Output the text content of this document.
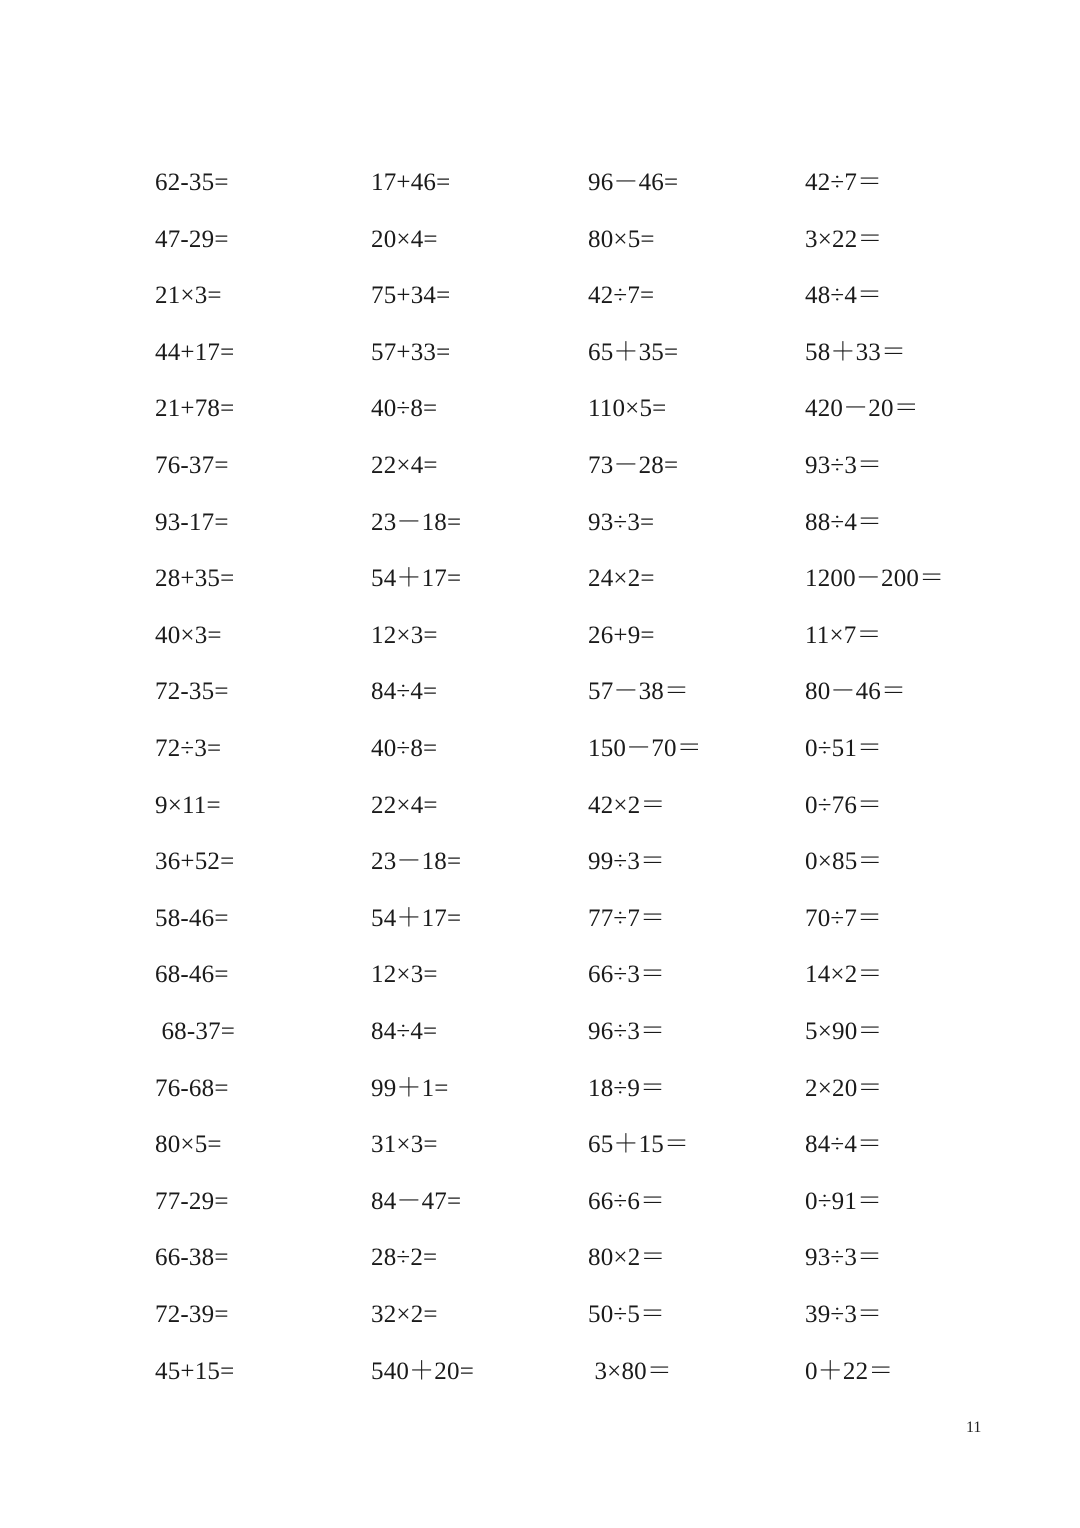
62-35=	17+46=	96－46=	42÷7＝
47-29=	20×4=	80×5=	3×22＝
21×3=	75+34=	42÷7=	48÷4＝
44+17=	57+33=	65＋35=	58＋33＝
21+78=	40÷8=	110×5=	420－20＝
76-37=	22×4=	73－28=	93÷3＝
93-17=	23－18=	93÷3=	88÷4＝
28+35=	54＋17=	24×2=	1200－200＝
40×3=	12×3=	26+9=	11×7＝
72-35=	84÷4=	57－38＝	80－46＝
72÷3=	40÷8=	150－70＝	0÷51＝
9×11=	22×4=	42×2＝	0÷76＝
36+52=	23－18=	99÷3＝	0×85＝
58-46=	54＋17=	77÷7＝	70÷7＝
68-46=	12×3=	66÷3＝	14×2＝
68-37=	84÷4=	96÷3＝	5×90＝
76-68=	99＋1=	18÷9＝	2×20＝
80×5=	31×3=	65＋15＝	84÷4＝
77-29=	84－47=	66÷6＝	0÷91＝
66-38=	28÷2=	80×2＝	93÷3＝
72-39=	32×2=	50÷5＝	39÷3＝
45+15=	540＋20=	3×80＝	0＋22＝
11
